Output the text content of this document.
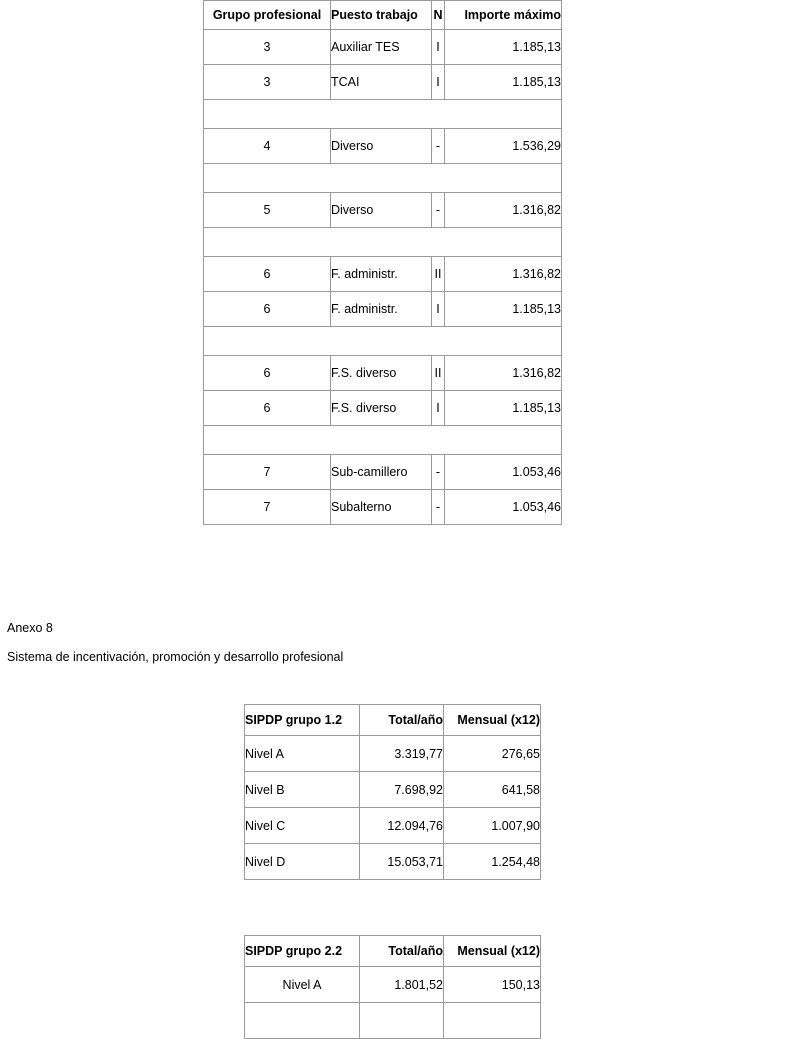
Grupo profesional	Puesto trabajo	N	Importe máximo
3	Auxiliar TES	I	1.185,13
3	TCAI	I	1.185,13

4	Diverso	-	1.536,29

5	Diverso	-	1.316,82

6	F. administr.	II	1.316,82
6	F. administr.	I	1.185,13

6	F.S. diverso	II	1.316,82
6	F.S. diverso	I	1.185,13

7	Sub-camillero	-	1.053,46
7	Subalterno	-	1.053,46
Anexo 8
Sistema de incentivación, promoción y desarrollo profesional
SIPDP grupo 1.2	Total/año	Mensual (x12)
Nivel A	3.319,77	276,65
Nivel B	7.698,92	641,58
Nivel C	12.094,76	1.007,90
Nivel D	15.053,71	1.254,48
SIPDP grupo 2.2	Total/año	Mensual (x12)
Nivel A	1.801,52	150,13
